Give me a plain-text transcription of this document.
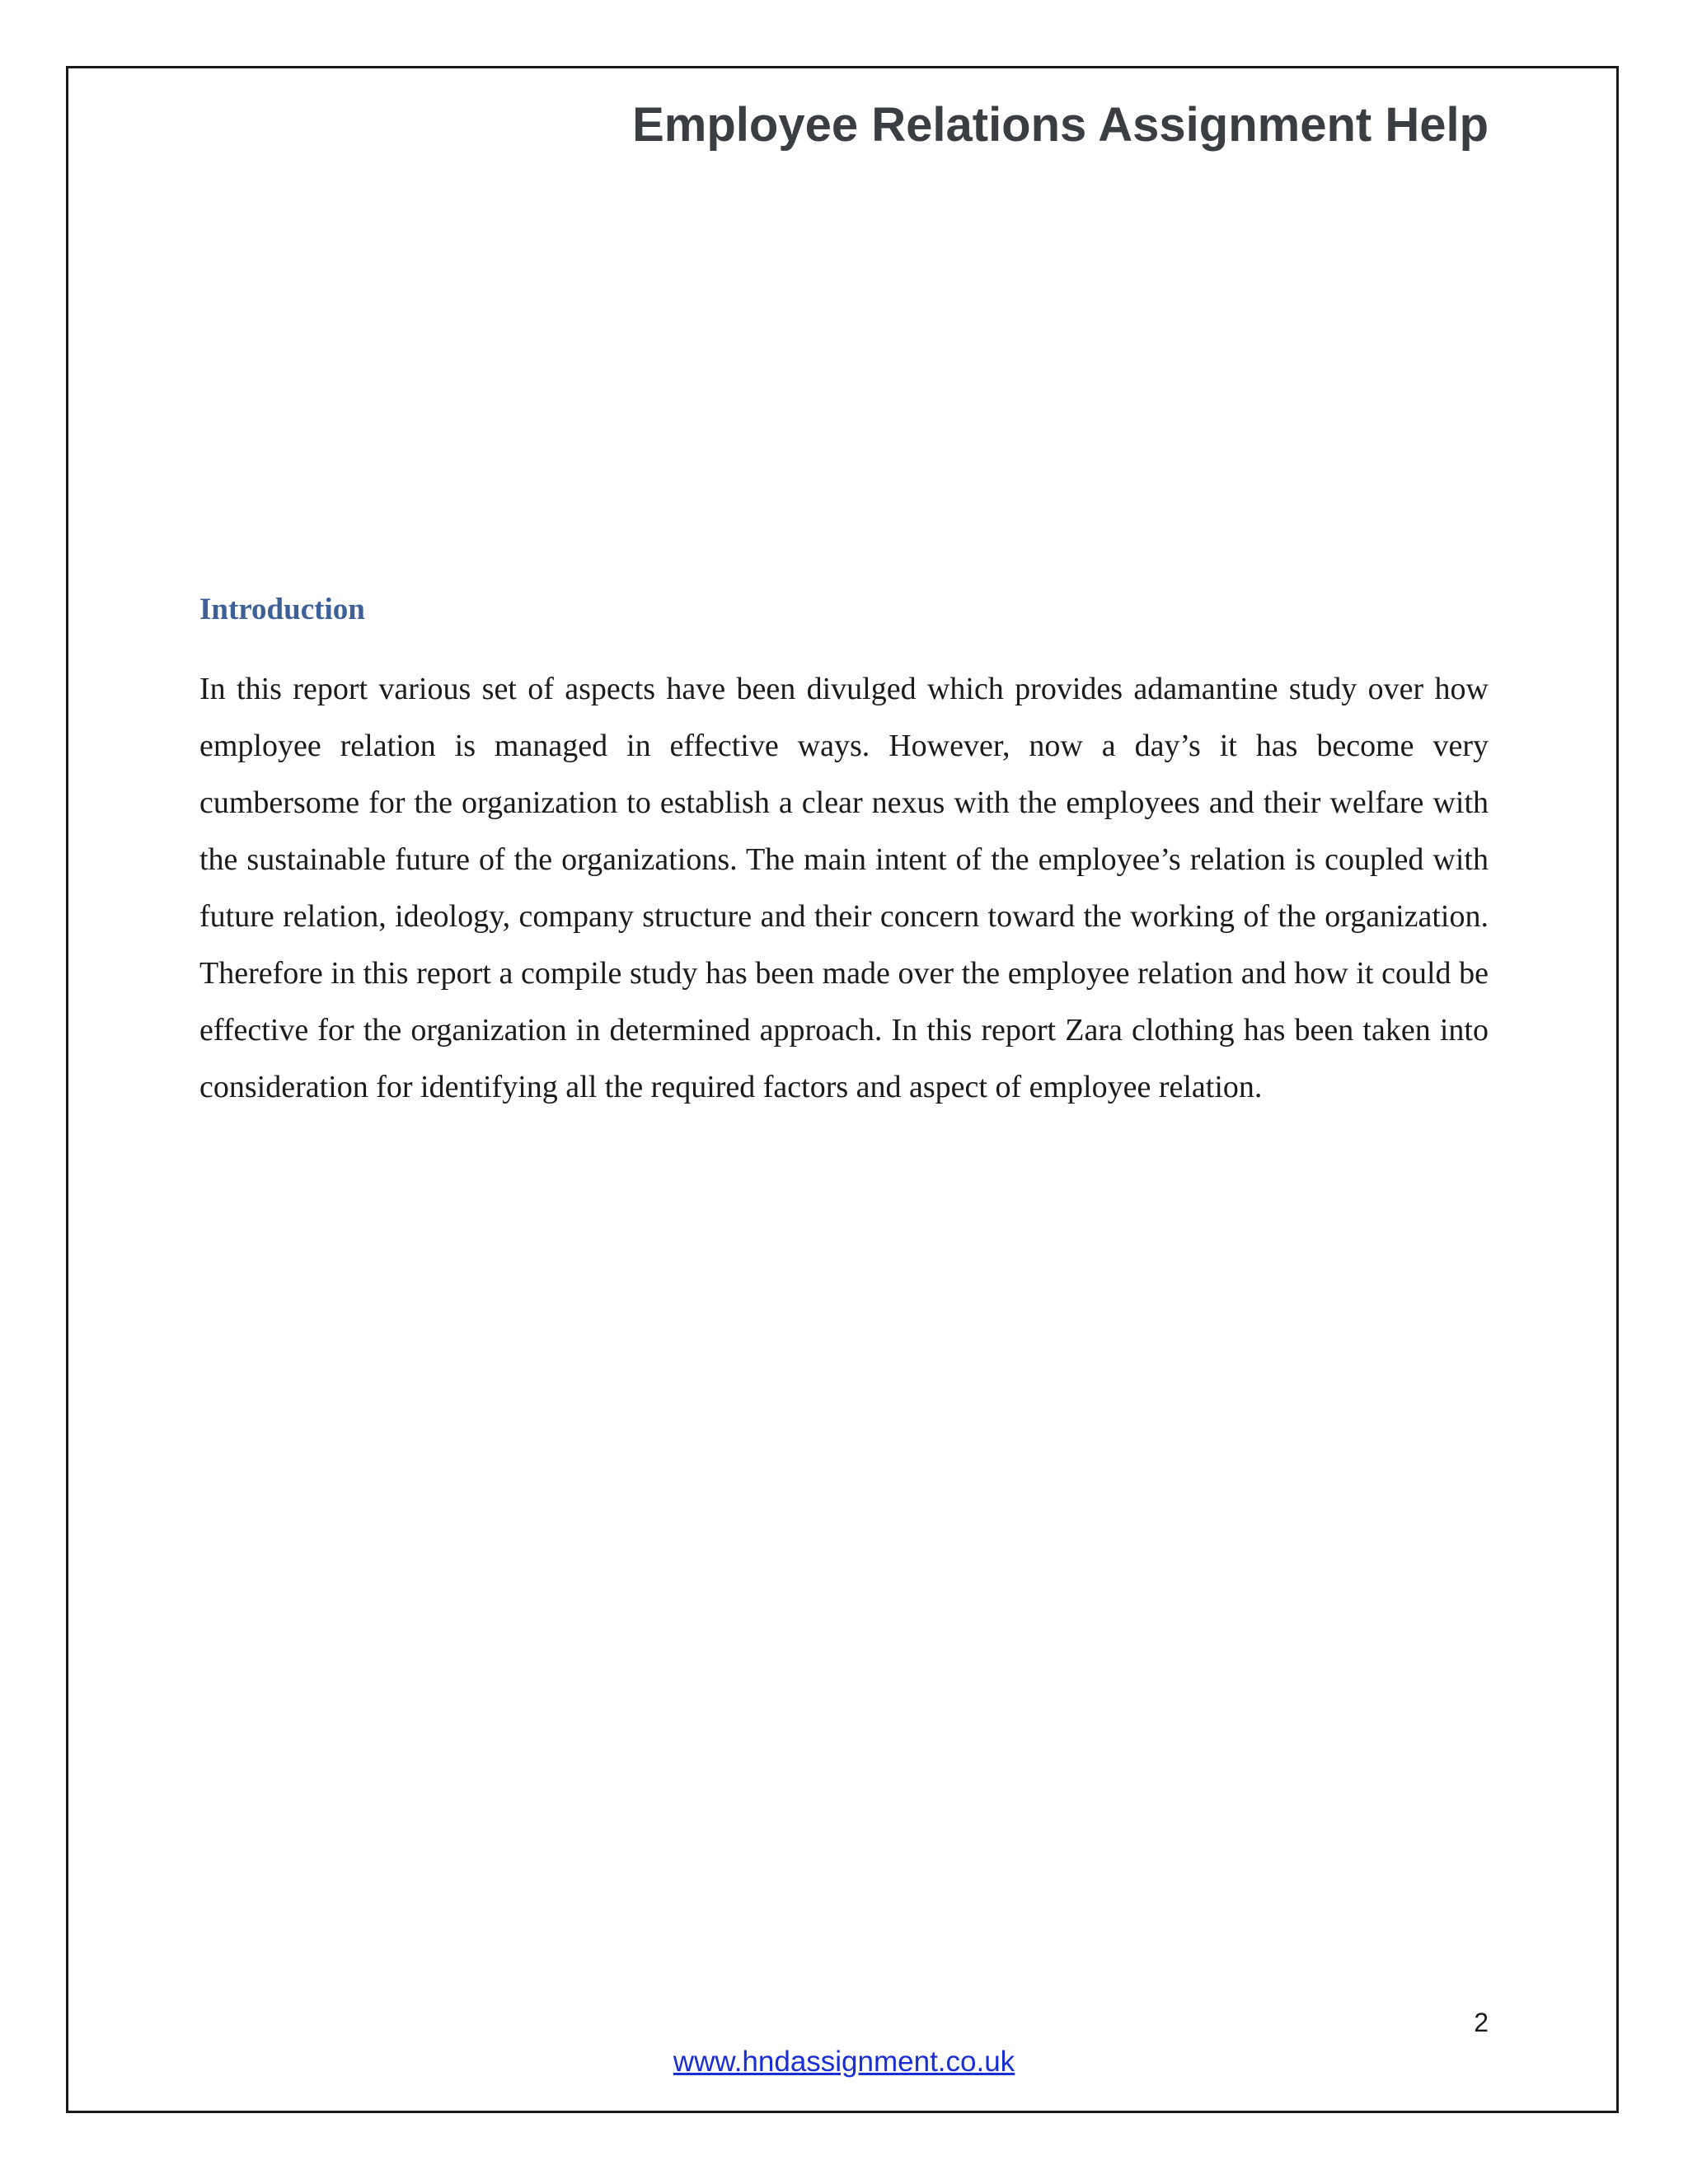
Employee Relations Assignment Help
Introduction

In this report various set of aspects have been divulged which provides adamantine study over how employee relation is managed in effective ways. However, now a day’s it has become very cumbersome for the organization to establish a clear nexus with the employees and their welfare with the sustainable future of the organizations. The main intent of the employee’s relation is coupled with future relation, ideology, company structure and their concern toward the working of the organization. Therefore in this report a compile study has been made over the employee relation and how it could be effective for the organization in determined approach. In this report Zara clothing has been taken into consideration for identifying all the required factors and aspect of employee relation.

2
www.hndassignment.co.uk
